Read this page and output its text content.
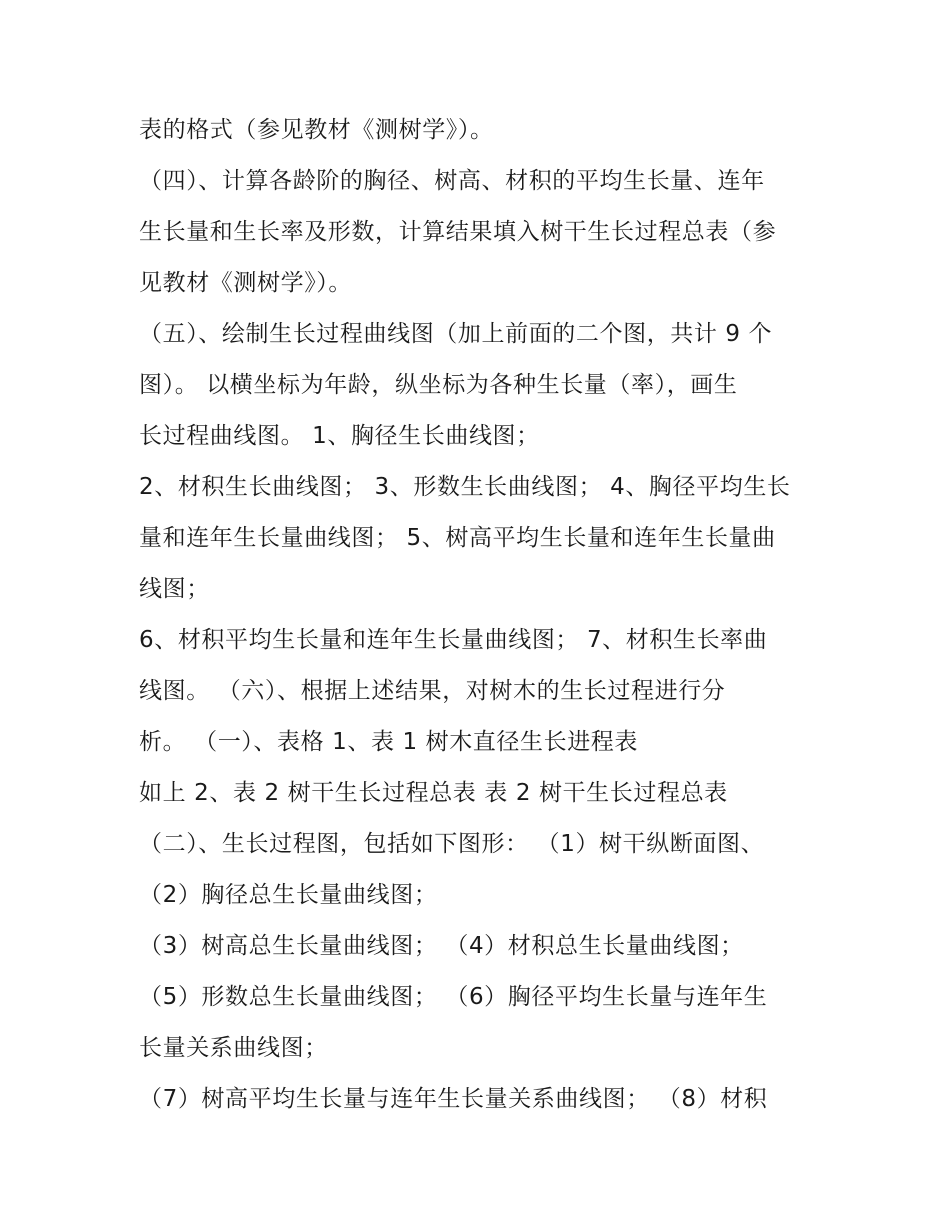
表的格式（参见教材《测树学》）。
（四）、计算各龄阶的胸径、树高、材积的平均生长量、连年
生长量和生长率及形数，计算结果填入树干生长过程总表（参
见教材《测树学》）。
（五）、绘制生长过程曲线图（加上前面的二个图，共计 9 个
图）。 以横坐标为年龄，纵坐标为各种生长量（率），画生
长过程曲线图。 1、胸径生长曲线图；
2、材积生长曲线图； 3、形数生长曲线图； 4、胸径平均生长
量和连年生长量曲线图； 5、树高平均生长量和连年生长量曲
线图；
6、材积平均生长量和连年生长量曲线图； 7、材积生长率曲
线图。 （六）、根据上述结果，对树木的生长过程进行分
析。 （一）、表格 1、表 1 树木直径生长进程表
如上 2、表 2 树干生长过程总表 表 2 树干生长过程总表
（二）、生长过程图，包括如下图形： （1）树干纵断面图、
（2）胸径总生长量曲线图；
（3）树高总生长量曲线图； （4）材积总生长量曲线图；
（5）形数总生长量曲线图； （6）胸径平均生长量与连年生
长量关系曲线图；
（7）树高平均生长量与连年生长量关系曲线图； （8）材积
